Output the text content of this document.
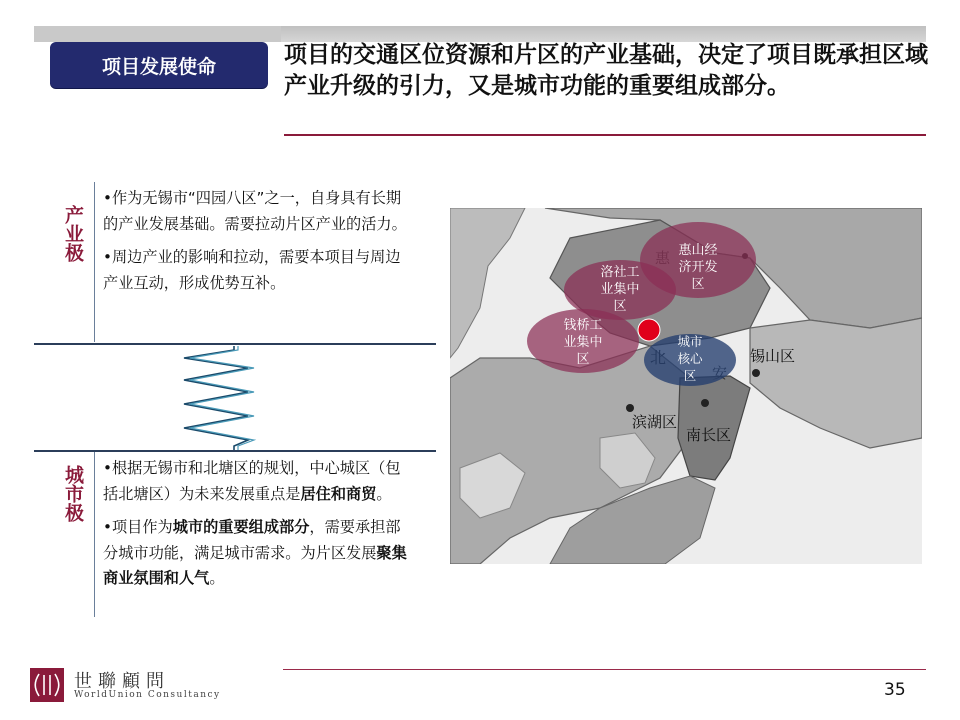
项目发展使命	项目的交通区位资源和片区的产业基础，决定了项目既承担区域产业升级的引力，又是城市功能的重要组成部分。
产业极

•作为无锡市“四园八区”之一，自身具有长期的产业发展基础。需要拉动片区产业的活力。

•周边产业的影响和拉动，需要本项目与周边产业互动，形成优势互补。

城市极 •根据无锡市和北塘区的规划，中心城区（包括北塘区）为未来发展重点是居住和商贸。

•项目作为城市的重要组成部分，需要承担部分城市功能，满足城市需求。为片区发展聚集商业氛围和人气。

锡山区
滨湖区
南长区
惠山经济开发区
洛社工业集中区
钱桥工业集中区
城市核心区
世聯顧問
WorldUnion Consultancy	35
